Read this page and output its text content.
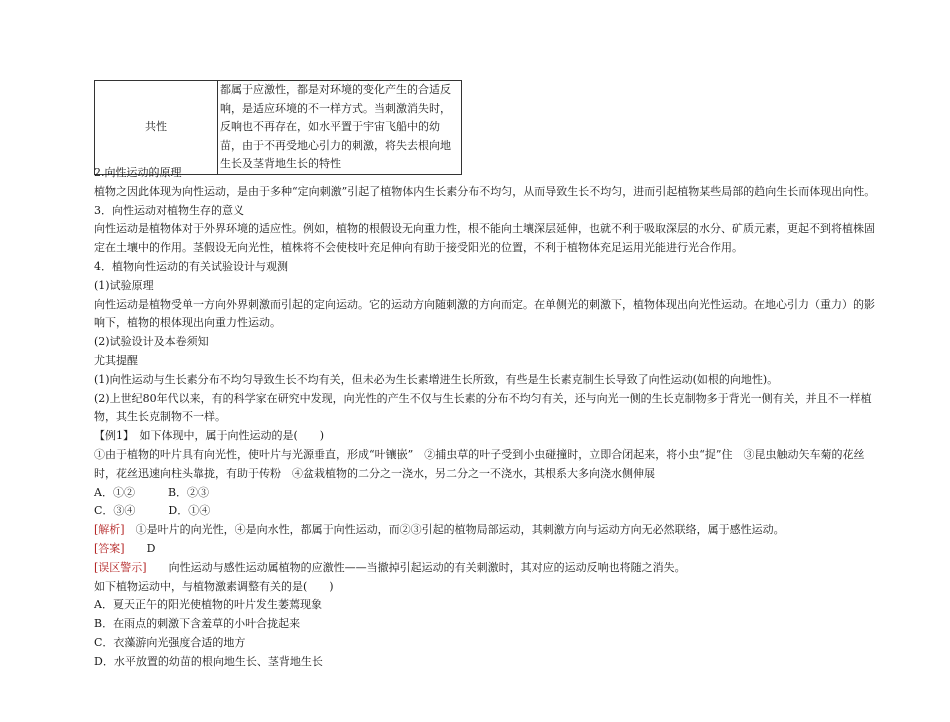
共性	都属于应激性，都是对环境的变化产生的合适反响，是适应环境的不一样方式。当刺激消失时，反响也不再存在，如水平置于宇宙飞船中的幼苗，由于不再受地心引力的刺激，将失去根向地生长及茎背地生长的特性

2.向性运动的原理

植物之因此体现为向性运动，是由于多种“定向刺激”引起了植物体内生长素分布不均匀，从而导致生长不均匀，进而引起植物某些局部的趋向生长而体现出向性。

3．向性运动对植物生存的意义

向性运动是植物体对于外界环境的适应性。例如，植物的根假设无向重力性，根不能向土壤深层延伸，也就不利于吸取深层的水分、矿质元素，更起不到将植株固定在土壤中的作用。茎假设无向光性，植株将不会使枝叶充足伸向有助于接受阳光的位置，不利于植物体充足运用光能进行光合作用。

4．植物向性运动的有关试验设计与观测

(1)试验原理

向性运动是植物受单一方向外界刺激而引起的定向运动。它的运动方向随刺激的方向而定。在单侧光的刺激下，植物体现出向光性运动。在地心引力（重力）的影响下，植物的根体现出向重力性运动。

(2)试验设计及本卷须知

尤其提醒

(1)向性运动与生长素分布不均匀导致生长不均有关，但未必为生长素增进生长所致，有些是生长素克制生长导致了向性运动(如根的向地性)。

(2)上世纪80年代以来，有的科学家在研究中发现，向光性的产生不仅与生长素的分布不均匀有关，还与向光一侧的生长克制物多于背光一侧有关，并且不一样植物，其生长克制物不一样。

【例1】　如下体现中，属于向性运动的是(　　)

①由于植物的叶片具有向光性，使叶片与光源垂直，形成“叶镶嵌”　②捕虫草的叶子受到小虫碰撞时，立即合闭起来，将小虫“捉”住　③昆虫触动矢车菊的花丝时，花丝迅速向柱头靠拢，有助于传粉　④盆栽植物的二分之一浇水，另二分之一不浇水，其根系大多向浇水侧伸展

A．①②　　　B．②③

C．③④　　　D．①④

[解析]　①是叶片的向光性，④是向水性，都属于向性运动，而②③引起的植物局部运动，其刺激方向与运动方向无必然联络，属于感性运动。

[答案]　　D

[误区警示]　　向性运动与感性运动属植物的应激性——当撤掉引起运动的有关刺激时，其对应的运动反响也将随之消失。

如下植物运动中，与植物激素调整有关的是(　　)

A．夏天正午的阳光使植物的叶片发生萎蔫现象

B．在雨点的刺激下含羞草的小叶合拢起来

C．衣藻游向光强度合适的地方

D．水平放置的幼苗的根向地生长、茎背地生长
